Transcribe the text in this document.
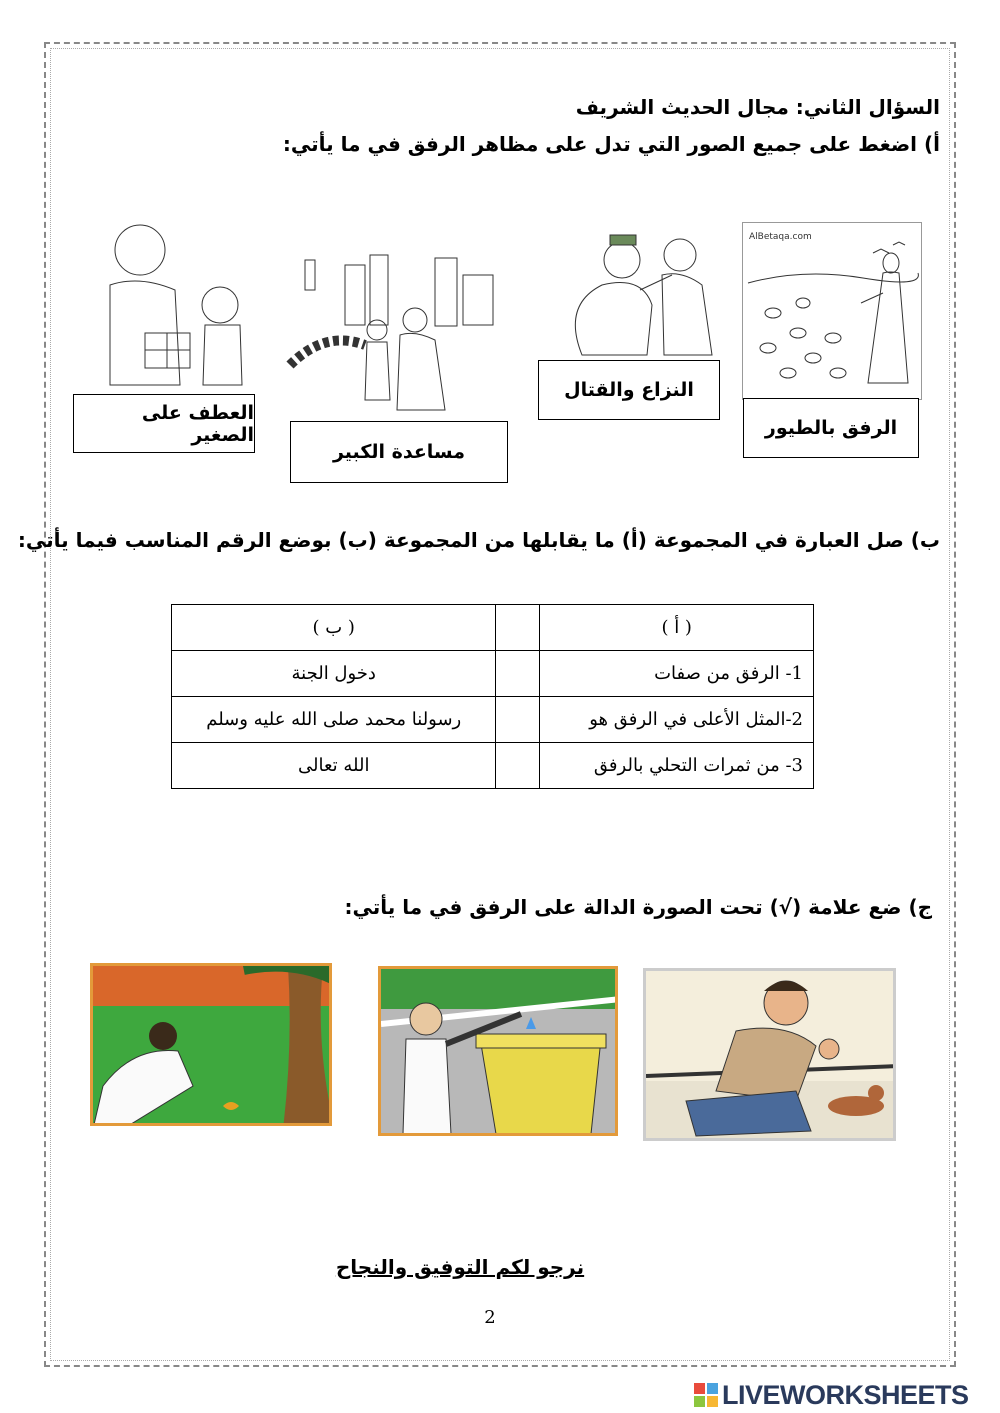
السؤال الثاني: مجال الحديث الشريف
أ) اضغط على جميع الصور التي تدل على مظاهر الرفق في ما يأتي:
AlBetaqa.com
الرفق بالطيور
النزاع والقتال
مساعدة الكبير
العطف على الصغير
ب) صل العبارة في المجموعة (أ) ما يقابلها من المجموعة (ب) بوضع الرقم المناسب فيما يأتي:
( أ )		( ب )
1- الرفق من صفات		دخول الجنة
2-المثل الأعلى في الرفق هو		رسولنا محمد صلى الله عليه وسلم
3- من ثمرات التحلي بالرفق		الله تعالى
ج) ضع علامة (√) تحت الصورة الدالة على الرفق في ما يأتي:
نرجو لكم التوفيق والنجاح
2
LIVEWORKSHEETS
